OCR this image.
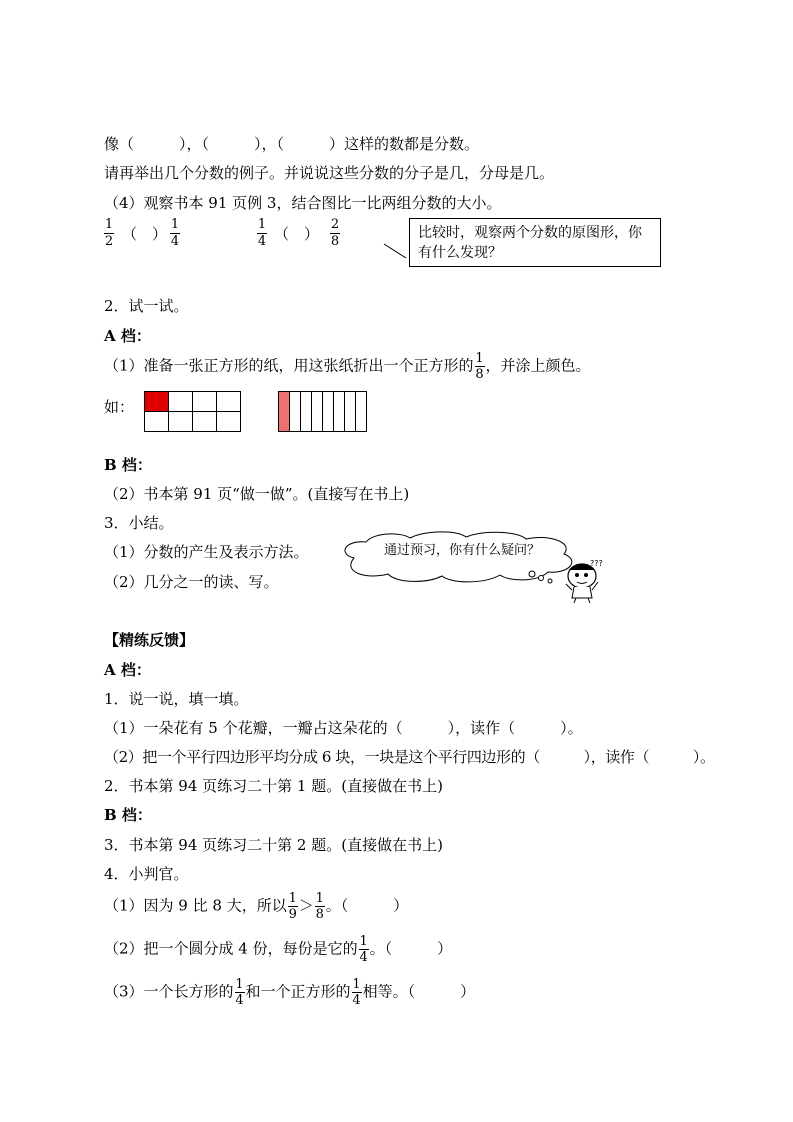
像（　　　），（　　　），（　　　）这样的数都是分数。
请再举出几个分数的例子。并说说这些分数的分子是几，分母是几。
（4）观察书本 91 页例 3，结合图比一比两组分数的大小。
1
2 （　）
1
4
1
4 （　）
2
8
比较时，观察两个分数的原图形，你有什么发现？
2．试一试。
A 档：
（1）准备一张正方形的纸，用这张纸折出一个正方形的 $\frac{1}{8}$ ，并涂上颜色。
如：
B 档：
（2）书本第 91 页“做一做”。(直接写在书上)
3．小结。
（1）分数的产生及表示方法。
（2）几分之一的读、写。
通过预习，你有什么疑问？
???
【精练反馈】
A 档：
1．说一说，填一填。
（1）一朵花有 5 个花瓣，一瓣占这朵花的（　　　），读作（　　　）。
（2）把一个平行四边形平均分成 6 块，一块是这个平行四边形的（　　　），读作（　　　）。
2．书本第 94 页练习二十第 1 题。(直接做在书上)
B 档：
3．书本第 94 页练习二十第 2 题。(直接做在书上)
4．小判官。
（1）因为 9 比 8 大，所以 $\frac{1}{9} > \frac{1}{8}$ 。（　　　）
（2）把一个圆分成 4 份，每份是它的 $\frac{1}{4}$ 。（　　　）
（3）一个长方形的 $\frac{1}{4}$ 和一个正方形的 $\frac{1}{4}$ 相等。（　　　）
